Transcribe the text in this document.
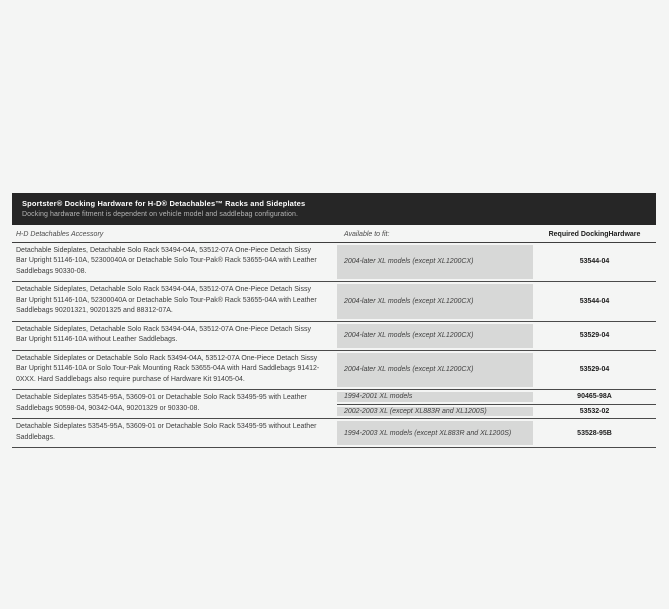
Sportster® Docking Hardware for H-D® Detachables™ Racks and Sideplates
Docking hardware fitment is dependent on vehicle model and saddlebag configuration.
H-D Detachables Accessory	Available to fit:	Required DockingHardware
Detachable Sideplates, Detachable Solo Rack 53494-04A, 53512-07A One-Piece Detach Sissy Bar Upright 51146-10A, 52300040A or Detachable Solo Tour-Pak® Rack 53655-04A with Leather Saddlebags 90330-08.
2004-later XL models (except XL1200CX)	53544-04
Detachable Sideplates, Detachable Solo Rack 53494-04A, 53512-07A One-Piece Detach Sissy Bar Upright 51146-10A, 52300040A or Detachable Solo Tour-Pak® Rack 53655-04A with Leather Saddlebags 90201321, 90201325 and 88312-07A.
2004-later XL models (except XL1200CX)	53544-04
Detachable Sideplates, Detachable Solo Rack 53494-04A, 53512-07A One-Piece Detach Sissy Bar Upright 51146-10A without Leather Saddlebags.
2004-later XL models (except XL1200CX)	53529-04
Detachable Sideplates or Detachable Solo Rack 53494-04A, 53512-07A One-Piece Detach Sissy Bar Upright 51146-10A or Solo Tour-Pak Mounting Rack 53655-04A with Hard Saddlebags 91412-0XXX. Hard Saddlebags also require purchase of Hardware Kit 91405-04.
2004-later XL models (except XL1200CX)	53529-04
Detachable Sideplates 53545-95A, 53609-01 or Detachable Solo Rack 53495-95 with Leather Saddlebags 90598-04, 90342-04A, 90201329 or 90330-08.
1994-2001 XL models	90465-98A
2002-2003 XL (except XL883R and XL1200S)	53532-02
Detachable Sideplates 53545-95A, 53609-01 or Detachable Solo Rack 53495-95 without Leather Saddlebags.
1994-2003 XL models (except XL883R and XL1200S)	53528-95B
